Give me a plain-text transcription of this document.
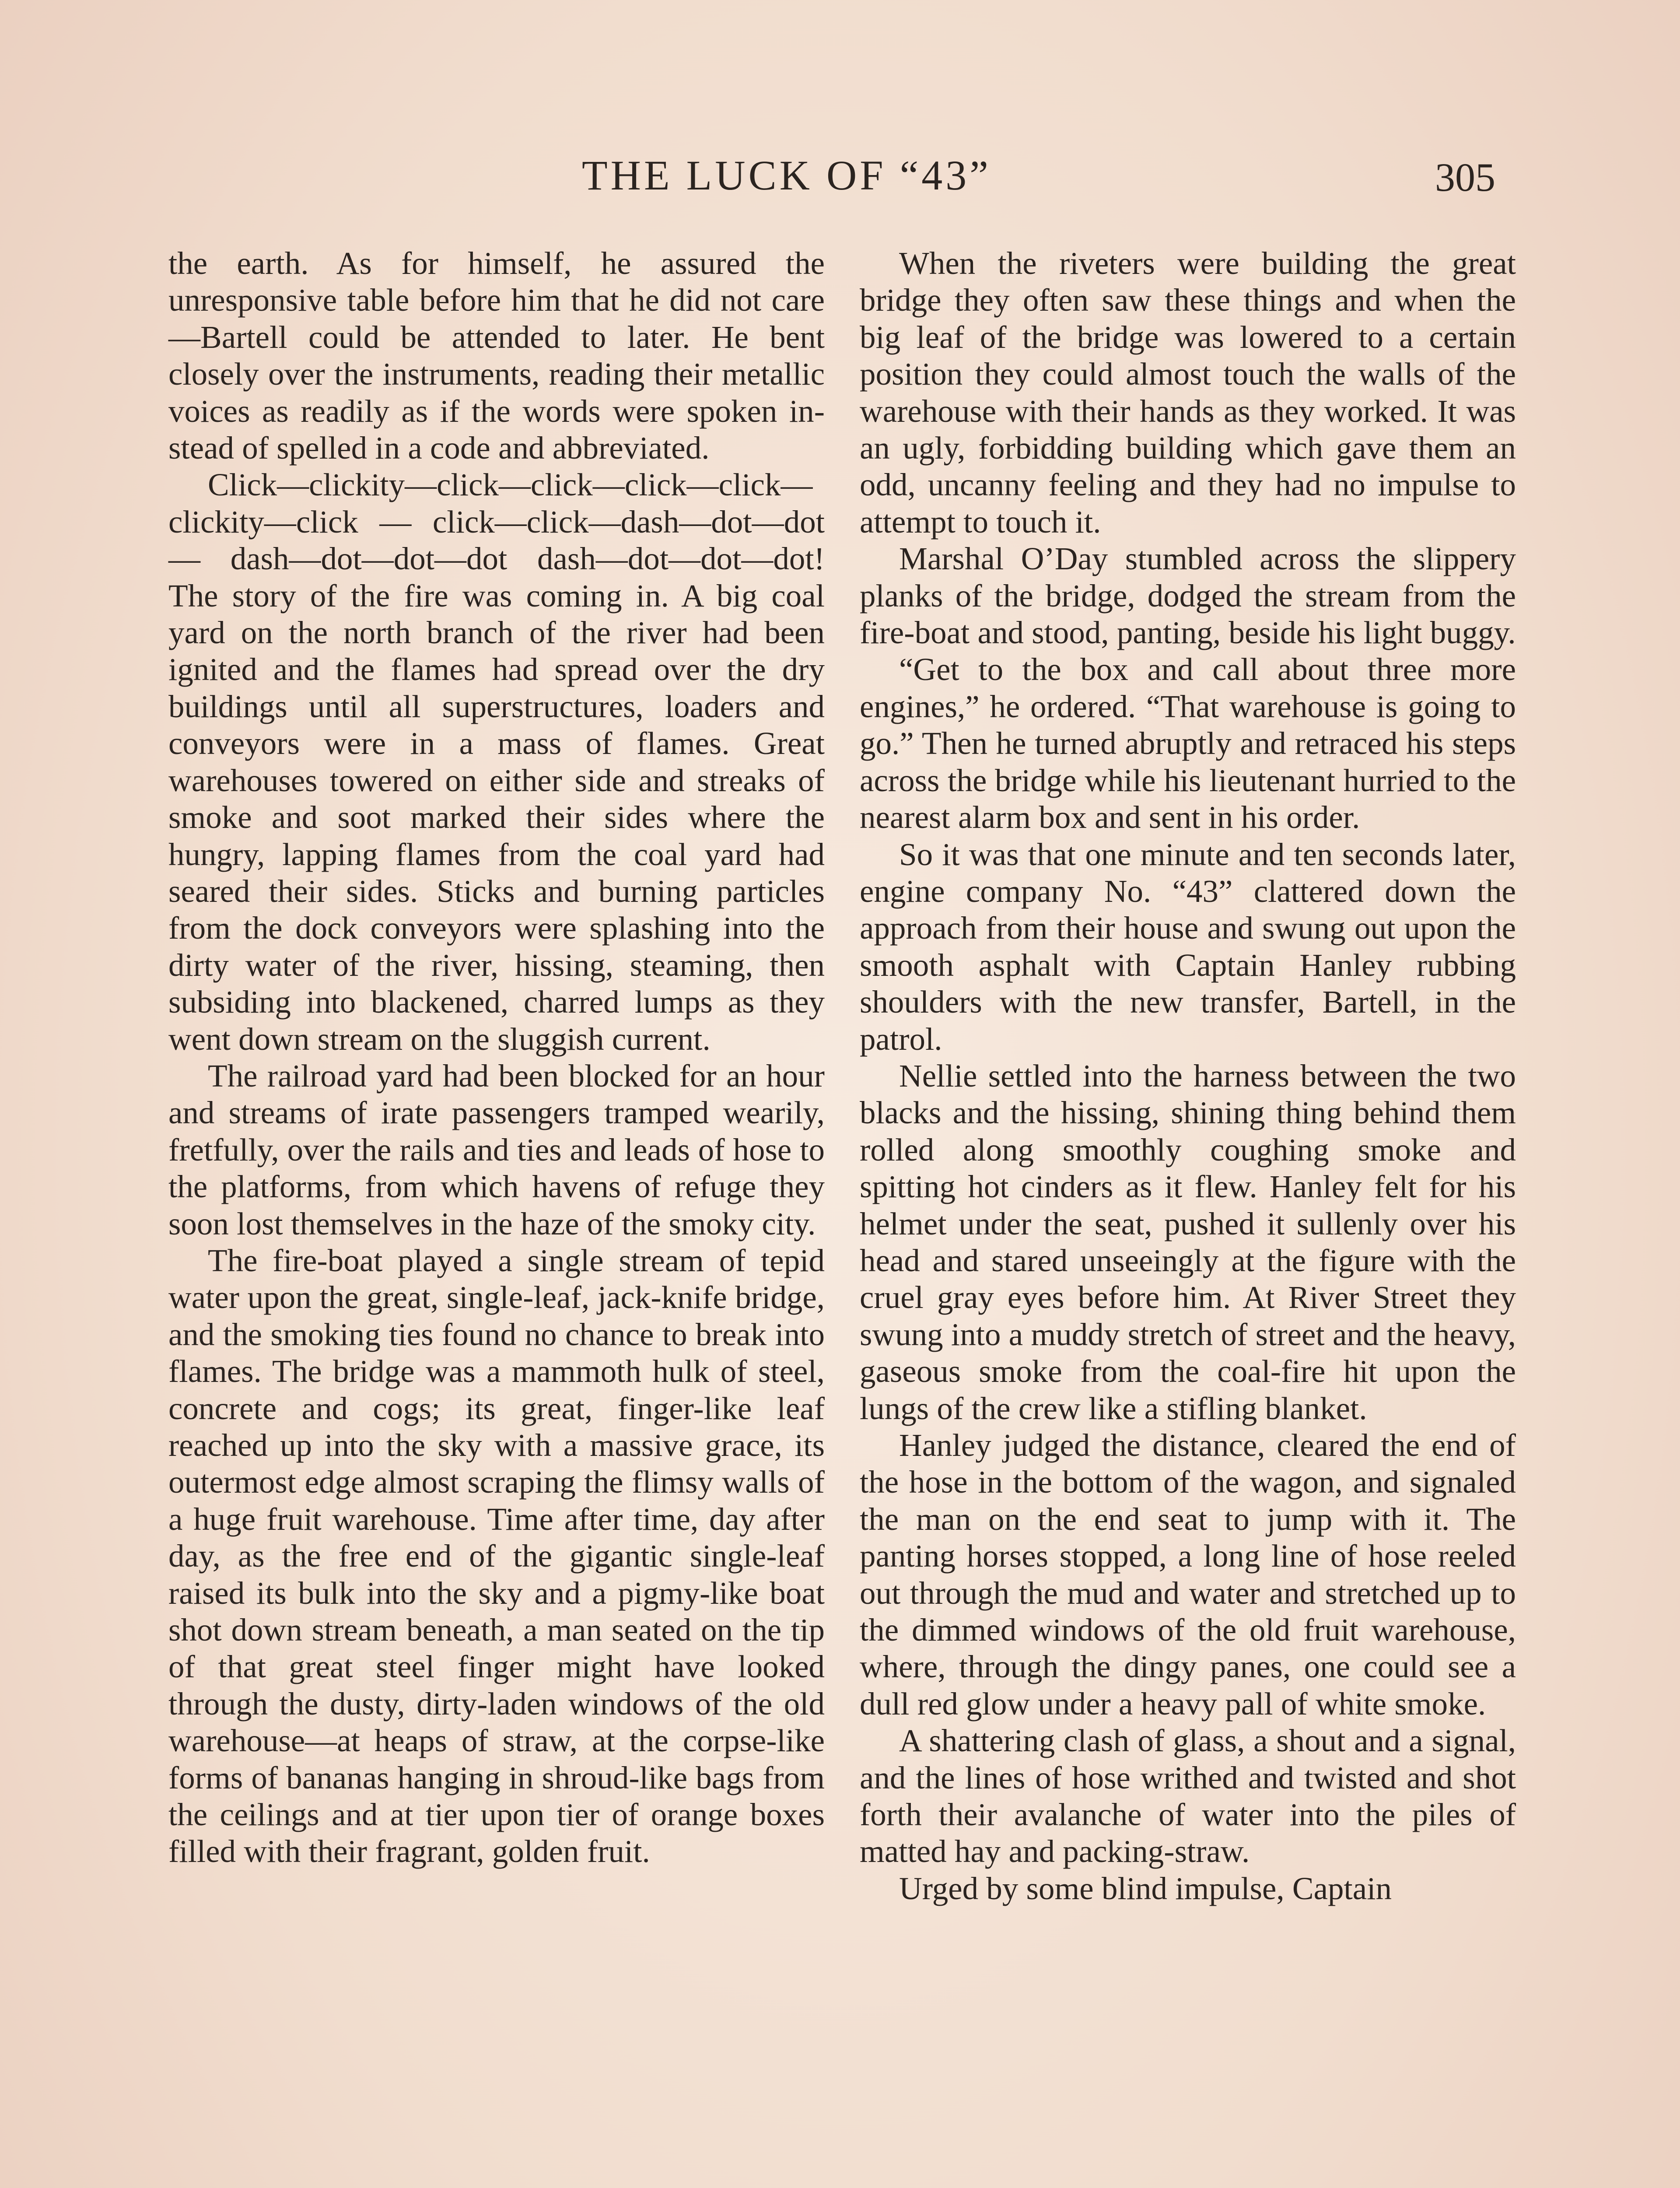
THE LUCK OF “43”	305

the earth. As for himself, he assured the unresponsive table before him that he did not care—Bartell could be attended to later. He bent closely over the instruments, reading their metallic voices as readily as if the words were spoken instead of spelled in a code and abbreviated.

Click—clickity—click—click—click—click—clickity—click — click—click—dash—dot—dot— dash—dot—dot—dot dash—dot—dot—dot! The story of the fire was coming in. A big coal yard on the north branch of the river had been ignited and the flames had spread over the dry buildings until all superstructures, loaders and conveyors were in a mass of flames. Great warehouses towered on either side and streaks of smoke and soot marked their sides where the hungry, lapping flames from the coal yard had seared their sides. Sticks and burning particles from the dock conveyors were splashing into the dirty water of the river, hissing, steaming, then subsiding into blackened, charred lumps as they went down stream on the sluggish current.

The railroad yard had been blocked for an hour and streams of irate passengers tramped wearily, fretfully, over the rails and ties and leads of hose to the platforms, from which havens of refuge they soon lost themselves in the haze of the smoky city.

The fire-boat played a single stream of tepid water upon the great, single-leaf, jack-knife bridge, and the smoking ties found no chance to break into flames. The bridge was a mammoth hulk of steel, concrete and cogs; its great, finger-like leaf reached up into the sky with a massive grace, its outermost edge almost scraping the flimsy walls of a huge fruit warehouse. Time after time, day after day, as the free end of the gigantic single-leaf raised its bulk into the sky and a pigmy-like boat shot down stream beneath, a man seated on the tip of that great steel finger might have looked through the dusty, dirty-laden windows of the old warehouse—at heaps of straw, at the corpse-like forms of bananas hanging in shroud-like bags from the ceilings and at tier upon tier of orange boxes filled with their fragrant, golden fruit.

When the riveters were building the great bridge they often saw these things and when the big leaf of the bridge was lowered to a certain position they could almost touch the walls of the warehouse with their hands as they worked. It was an ugly, forbidding building which gave them an odd, uncanny feeling and they had no impulse to attempt to touch it.

Marshal O’Day stumbled across the slippery planks of the bridge, dodged the stream from the fire-boat and stood, panting, beside his light buggy.

“Get to the box and call about three more engines,” he ordered. “That warehouse is going to go.” Then he turned abruptly and retraced his steps across the bridge while his lieutenant hurried to the nearest alarm box and sent in his order.

So it was that one minute and ten seconds later, engine company No. “43” clattered down the approach from their house and swung out upon the smooth asphalt with Captain Hanley rubbing shoulders with the new transfer, Bartell, in the patrol.

Nellie settled into the harness between the two blacks and the hissing, shining thing behind them rolled along smoothly coughing smoke and spitting hot cinders as it flew. Hanley felt for his helmet under the seat, pushed it sullenly over his head and stared unseeingly at the figure with the cruel gray eyes before him. At River Street they swung into a muddy stretch of street and the heavy, gaseous smoke from the coal-fire hit upon the lungs of the crew like a stifling blanket.

Hanley judged the distance, cleared the end of the hose in the bottom of the wagon, and signaled the man on the end seat to jump with it. The panting horses stopped, a long line of hose reeled out through the mud and water and stretched up to the dimmed windows of the old fruit warehouse, where, through the dingy panes, one could see a dull red glow under a heavy pall of white smoke.

A shattering clash of glass, a shout and a signal, and the lines of hose writhed and twisted and shot forth their avalanche of water into the piles of matted hay and packing-straw.

Urged by some blind impulse, Captain
